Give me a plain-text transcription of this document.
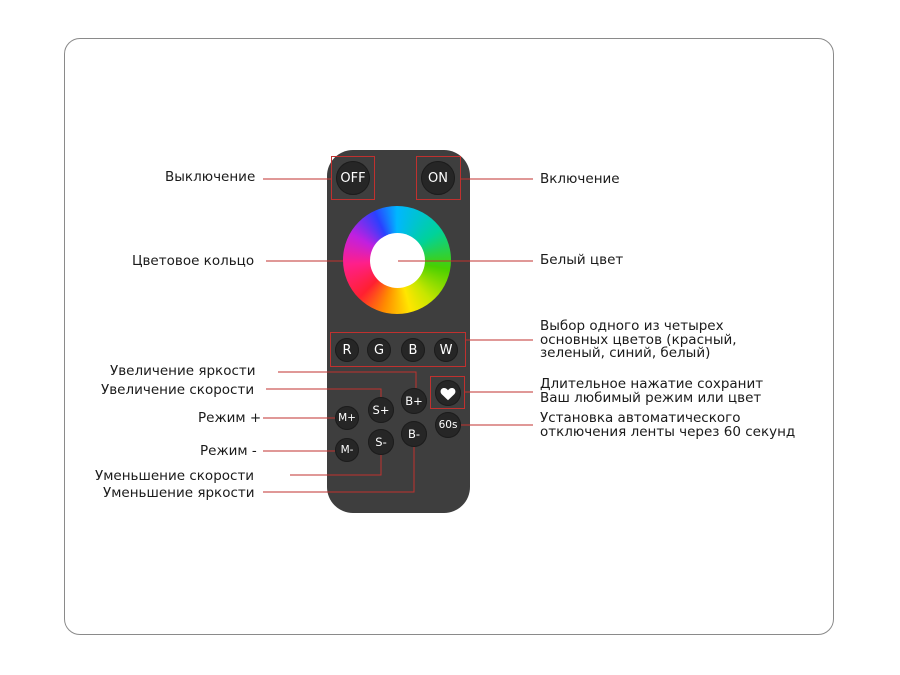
OFF	ON
R	G	B	W
B+
S+
M+
60s
B-
S-
M-
Выключение	Включение
Цветовое кольцо	Белый цвет
Выбор одного из четырех
основных цветов (красный,
зеленый, синий, белый)
Увеличение яркости
Увеличение скорости	Длительное нажатие сохранит
Ваш любимый режим или цвет
Режим +	Установка автоматического
отключения ленты через 60 секунд
Режим -
Уменьшение скорости
Уменьшение яркости
